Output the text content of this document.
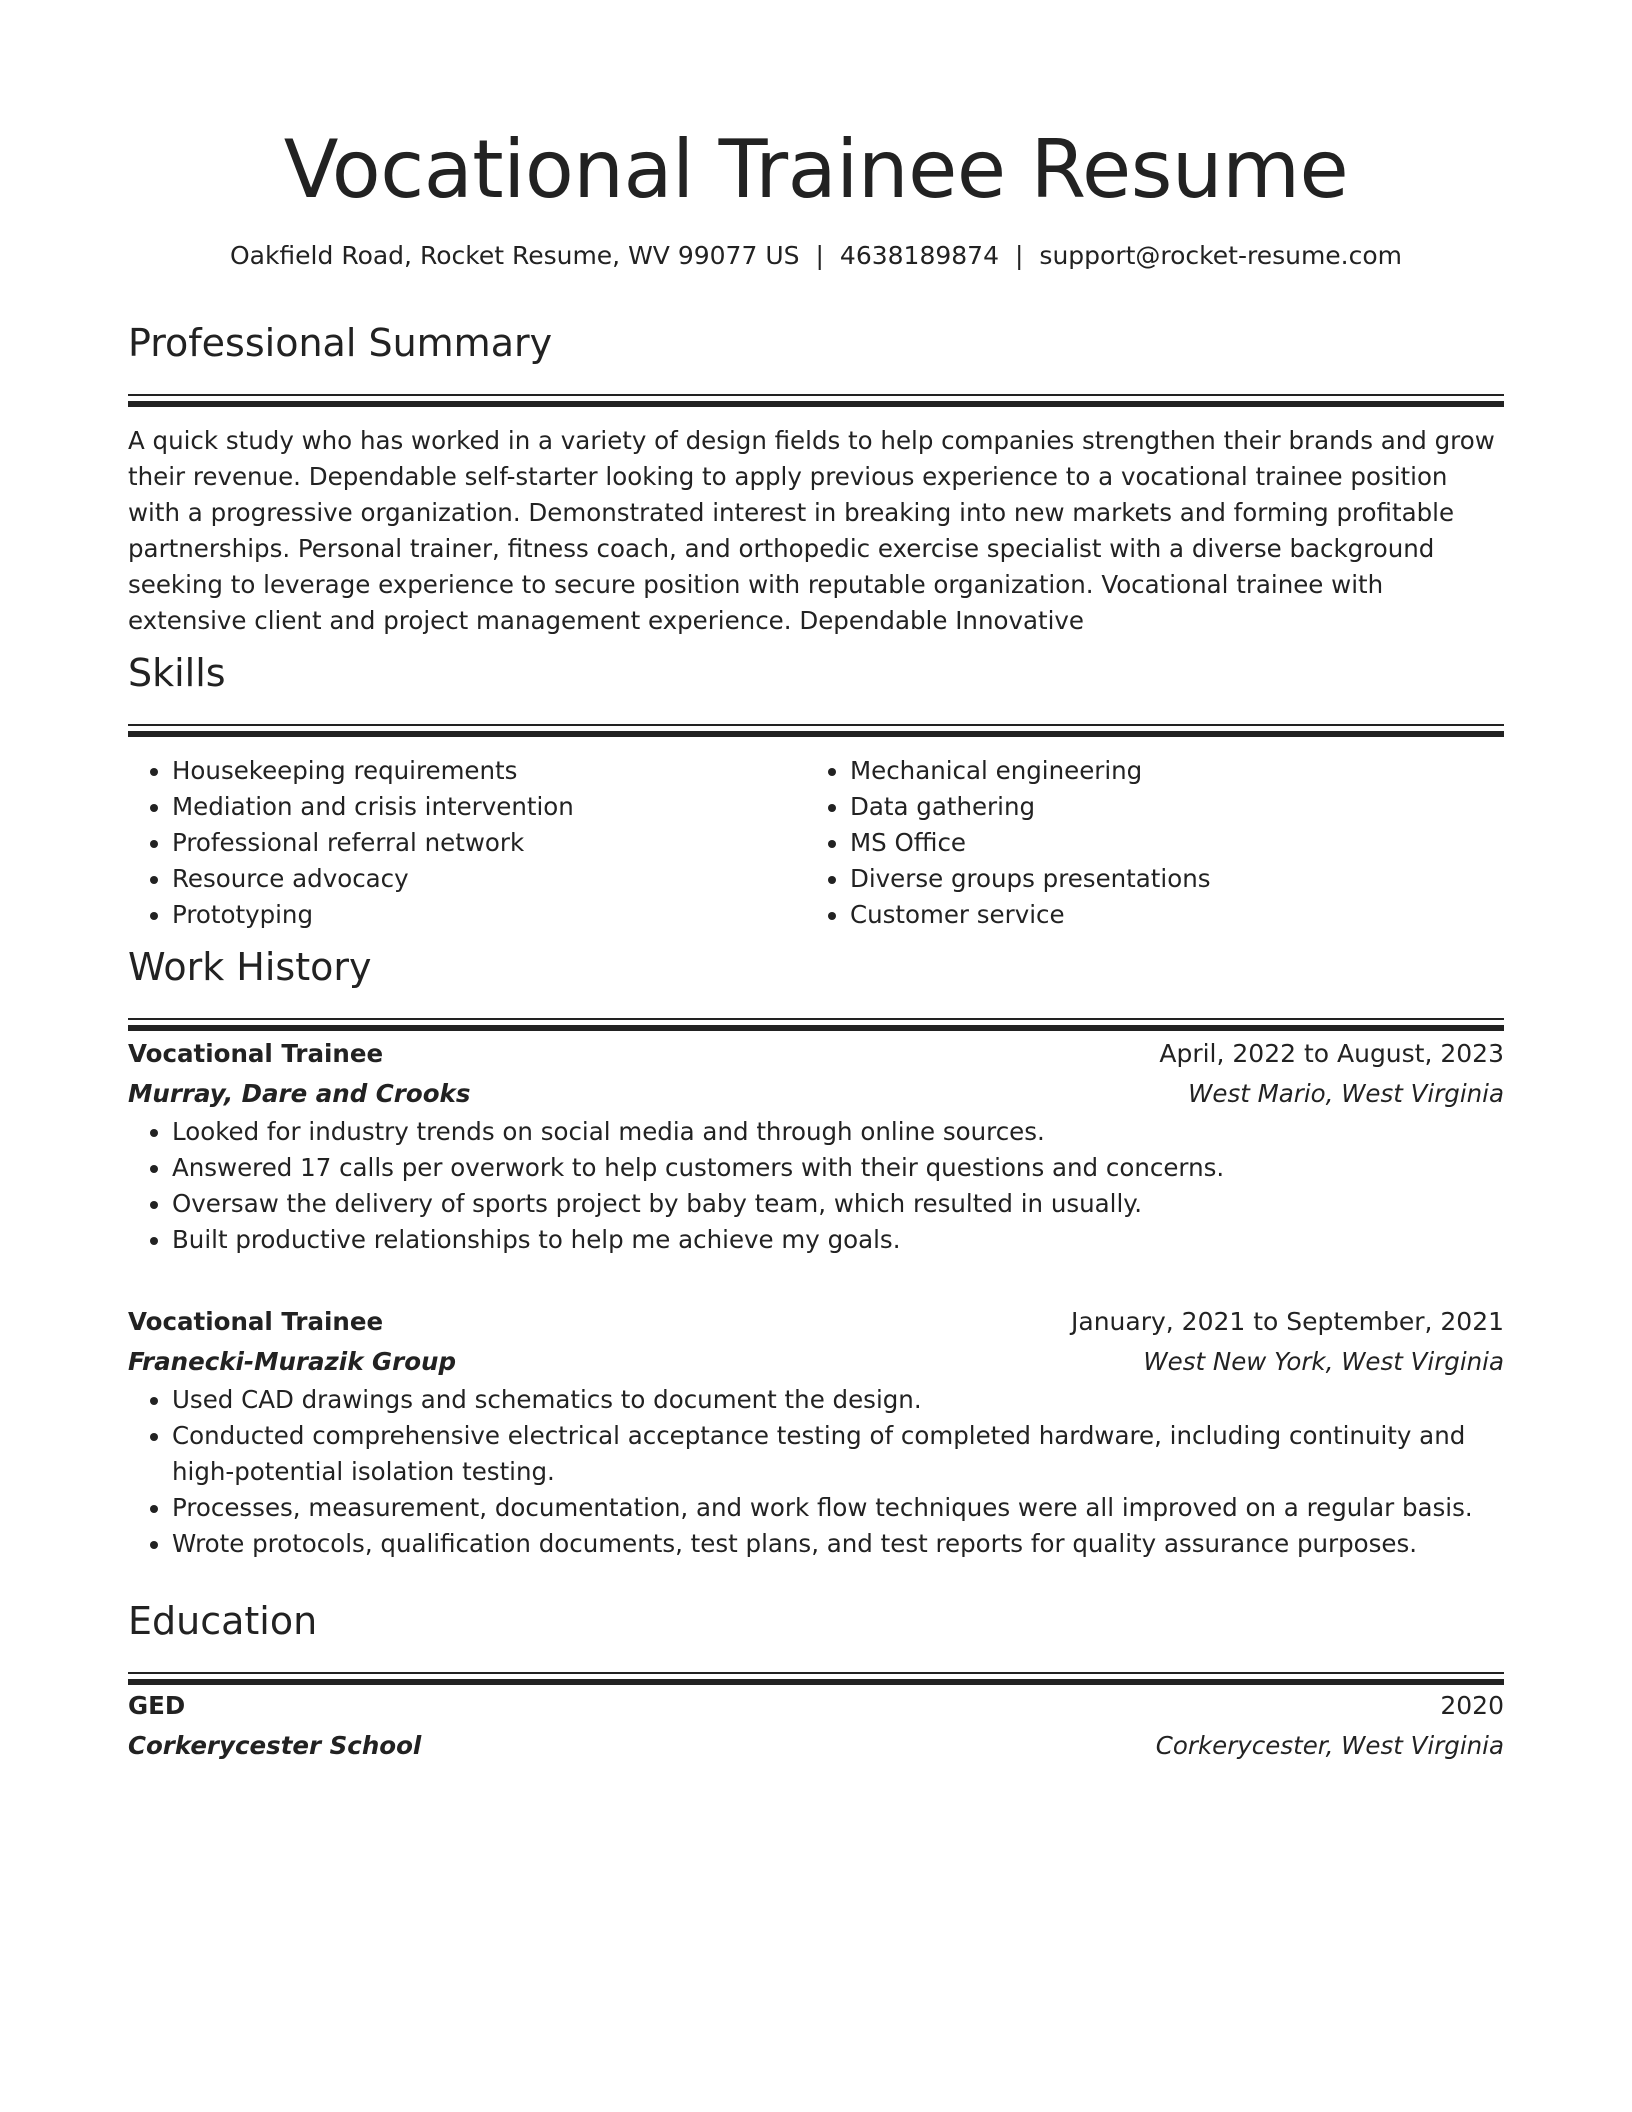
Vocational Trainee Resume
Oakfield Road, Rocket Resume, WV 99077 US | 4638189874 | support@rocket-resume.com
Professional Summary
A quick study who has worked in a variety of design fields to help companies strengthen their brands and grow their revenue. Dependable self-starter looking to apply previous experience to a vocational trainee position with a progressive organization. Demonstrated interest in breaking into new markets and forming profitable partnerships. Personal trainer, fitness coach, and orthopedic exercise specialist with a diverse background seeking to leverage experience to secure position with reputable organization. Vocational trainee with extensive client and project management experience. Dependable Innovative
Skills
• Housekeeping requirements
• Mediation and crisis intervention
• Professional referral network
• Resource advocacy
• Prototyping
• Mechanical engineering
• Data gathering
• MS Office
• Diverse groups presentations
• Customer service
Work History
Vocational Trainee	April, 2022 to August, 2023
Murray, Dare and Crooks	West Mario, West Virginia
• Looked for industry trends on social media and through online sources.
• Answered 17 calls per overwork to help customers with their questions and concerns.
• Oversaw the delivery of sports project by baby team, which resulted in usually.
• Built productive relationships to help me achieve my goals.
Vocational Trainee	January, 2021 to September, 2021
Franecki-Murazik Group	West New York, West Virginia
• Used CAD drawings and schematics to document the design.
• Conducted comprehensive electrical acceptance testing of completed hardware, including continuity and high-potential isolation testing.
• Processes, measurement, documentation, and work flow techniques were all improved on a regular basis.
• Wrote protocols, qualification documents, test plans, and test reports for quality assurance purposes.
Education
GED	2020
Corkerycester School	Corkerycester, West Virginia
